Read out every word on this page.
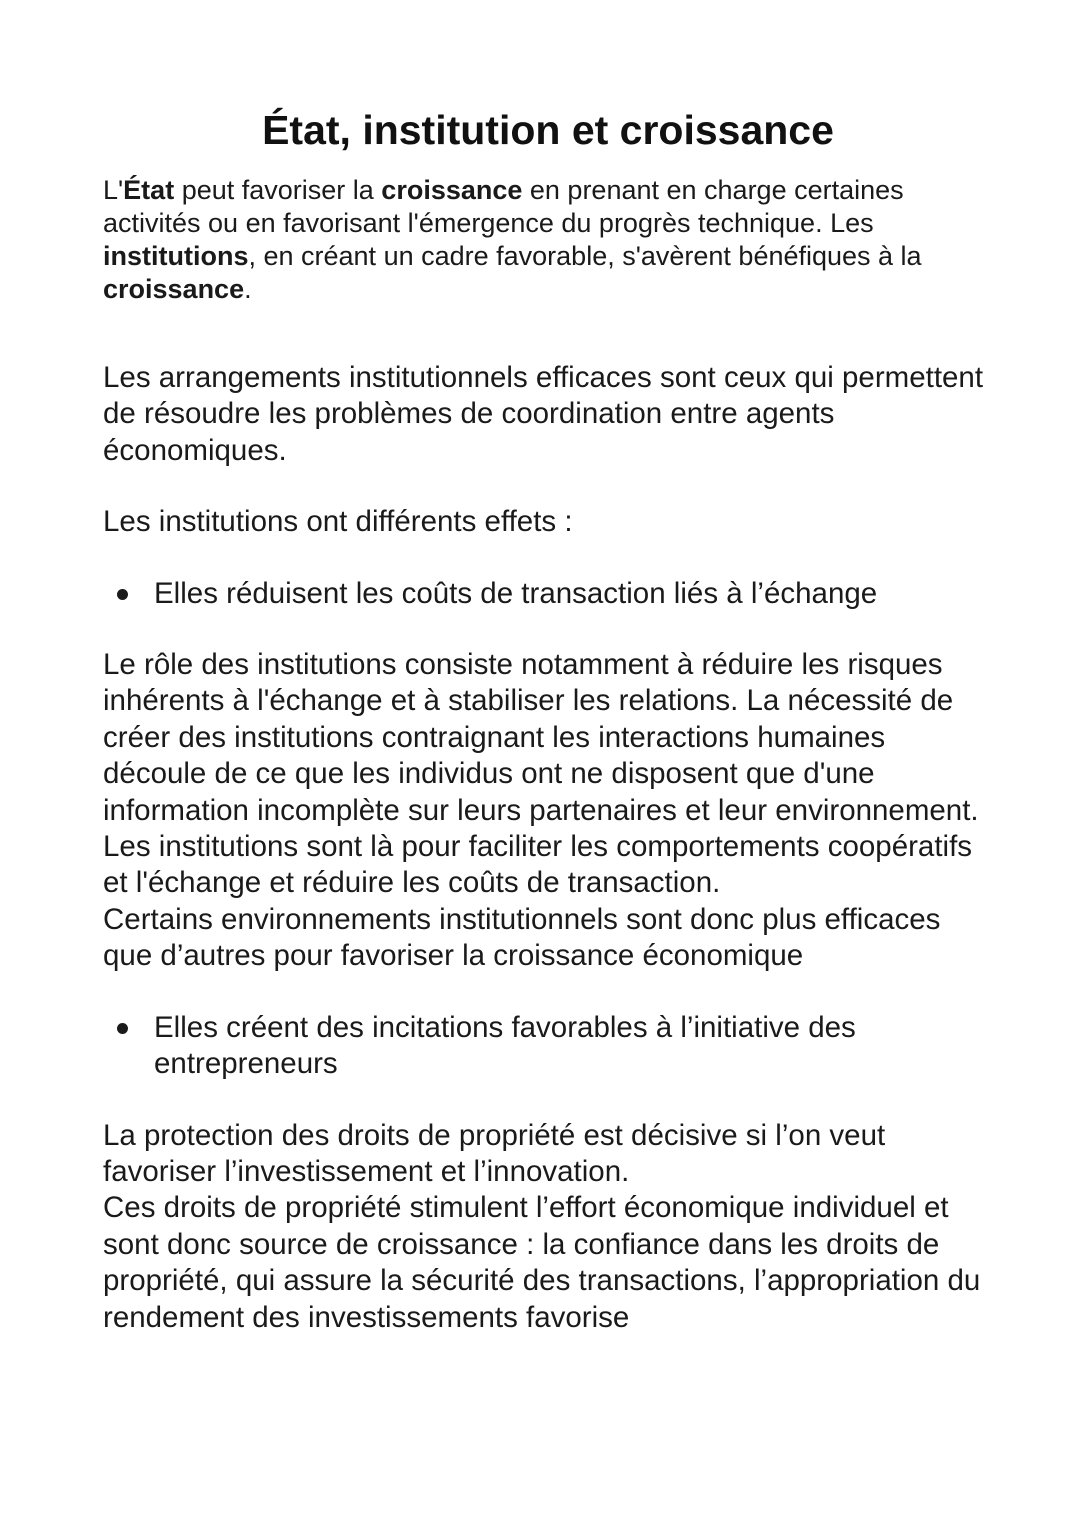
État, institution et croissance

L'État peut favoriser la croissance en prenant en charge certaines activités ou en favorisant l'émergence du progrès technique. Les institutions, en créant un cadre favorable, s'avèrent bénéfiques à la croissance.

Les arrangements institutionnels efficaces sont ceux qui permettent de résoudre les problèmes de coordination entre agents économiques.

Les institutions ont différents effets :

Elles réduisent les coûts de transaction liés à l’échange

Le rôle des institutions consiste notamment à réduire les risques inhérents à l'échange et à stabiliser les relations. La nécessité de créer des institutions contraignant les interactions humaines découle de ce que les individus ont ne disposent que d'une information incomplète sur leurs partenaires et leur environnement. Les institutions sont là pour faciliter les comportements coopératifs et l'échange et réduire les coûts de transaction.

Certains environnements institutionnels sont donc plus efficaces que d’autres pour favoriser la croissance économique

Elles créent des incitations favorables à l’initiative des entrepreneurs

La protection des droits de propriété est décisive si l’on veut favoriser l’investissement et l’innovation.

Ces droits de propriété stimulent l’effort économique individuel et sont donc source de croissance : la confiance dans les droits de propriété, qui assure la sécurité des transactions, l’appropriation du rendement des investissements favorise
